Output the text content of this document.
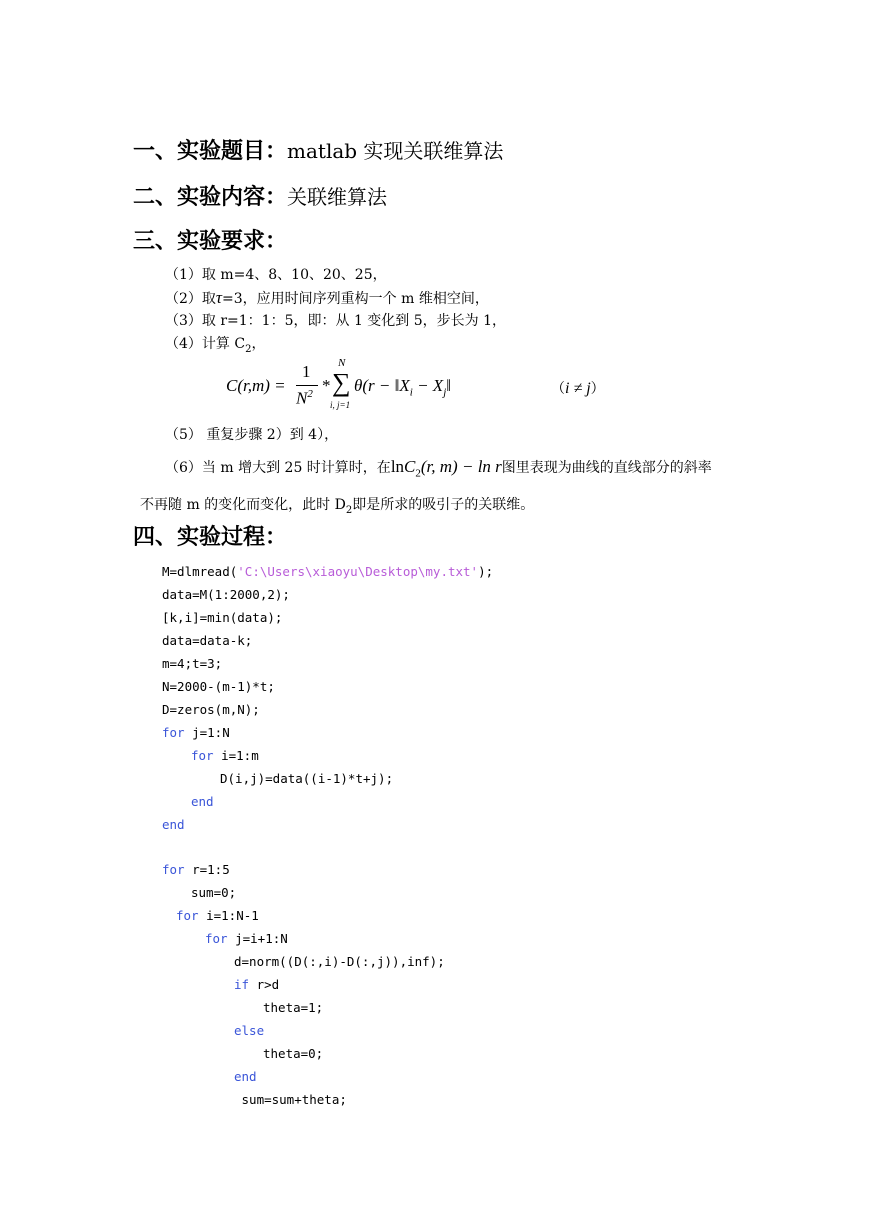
一、实验题目：matlab 实现关联维算法
二、实验内容：关联维算法
三、实验要求：
（1）取 m=4、8、10、20、25，
（2）取τ=3，应用时间序列重构一个 m 维相空间，
（3）取 r=1：1：5，即：从 1 变化到 5，步长为 1，
（4）计算 $C_2$，
C(r,m) =
1
$N^2$ *
N
∑
i, j=1
$\theta(r - ‖X_i$ − $X_j‖$	（i ≠ j）
（5） 重复步骤 2）到 4），
（6）当 m 增大到 25 时计算时，在lnC$_2$(r, m) − ln r图里表现为曲线的直线部分的斜率
不再随 m 的变化而变化，此时 $D_2$即是所求的吸引子的关联维。
四、实验过程：
M=dlmread('C:\Users\xiaoyu\Desktop\my.txt');
data=M(1:2000,2);
[k,i]=min(data);
data=data-k;
m=4;t=3;
N=2000-(m-1)*t;
D=zeros(m,N);
for j=1:N
for i=1:m
D(i,j)=data((i-1)*t+j);
end
end
for r=1:5
sum=0;
for i=1:N-1
for j=i+1:N
d=norm((D(:,i)-D(:,j)),inf);
if r>d
theta=1;
else
theta=0;
end
sum=sum+theta;
